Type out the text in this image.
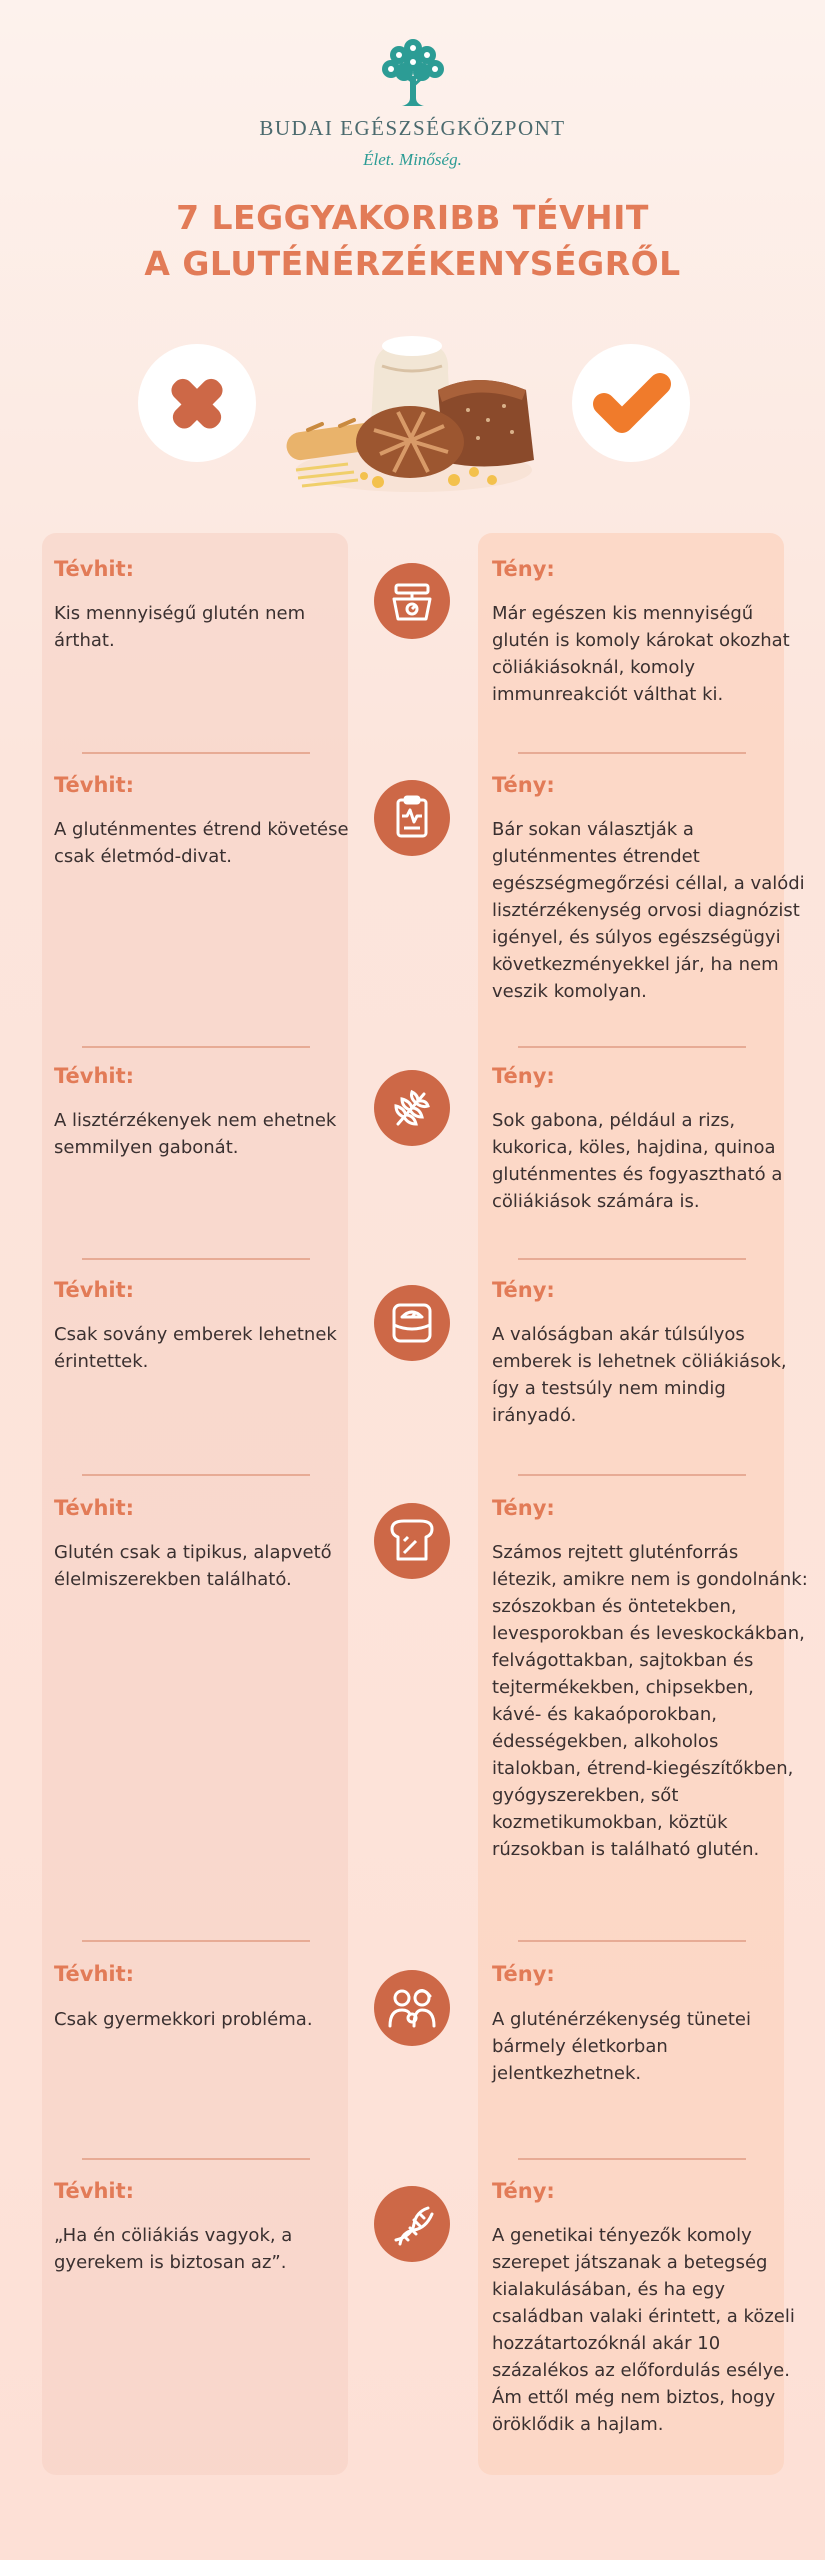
BUDAI EGÉSZSÉGKÖZPONT
Élet. Minőség.
7 LEGGYAKORIBB TÉVHIT
A GLUTÉNÉRZÉKENYSÉGRŐL
Tévhit:
Kis mennyiségű glutén nem árthat.
Tény:
Már egészen kis mennyiségű glutén is komoly károkat okozhat cöliákiásoknál, komoly immunreakciót válthat ki.
Tévhit:
A gluténmentes étrend követése csak életmód-divat.
Tény:
Bár sokan választják a gluténmentes étrendet egészségmegőrzési céllal, a valódi lisztérzékenység orvosi diagnózist igényel, és súlyos egészségügyi következményekkel jár, ha nem veszik komolyan.
Tévhit:
A lisztérzékenyek nem ehetnek semmilyen gabonát.
Tény:
Sok gabona, például a rizs, kukorica, köles, hajdina, quinoa gluténmentes és fogyasztható a cöliákiások számára is.
Tévhit:
Csak sovány emberek lehetnek érintettek.
Tény:
A valóságban akár túlsúlyos emberek is lehetnek cöliákiások, így a testsúly nem mindig irányadó.
Tévhit:
Glutén csak a tipikus, alapvető élelmiszerekben található.
Tény:
Számos rejtett gluténforrás létezik, amikre nem is gondolnánk: szószokban és öntetekben, levesporokban és leveskockákban, felvágottakban, sajtokban és tejtermékekben, chipsekben, kávé- és kakaóporokban, édességekben, alkoholos italokban, étrend-kiegészítőkben, gyógyszerekben, sőt kozmetikumokban, köztük rúzsokban is található glutén.
Tévhit:
Csak gyermekkori probléma.
Tény:
A gluténérzékenység tünetei bármely életkorban jelentkezhetnek.
Tévhit:
„Ha én cöliákiás vagyok, a gyerekem is biztosan az”.
Tény:
A genetikai tényezők komoly szerepet játszanak a betegség kialakulásában, és ha egy családban valaki érintett, a közeli hozzátartozóknál akár 10 százalékos az előfordulás esélye. Ám ettől még nem biztos, hogy öröklődik a hajlam.
